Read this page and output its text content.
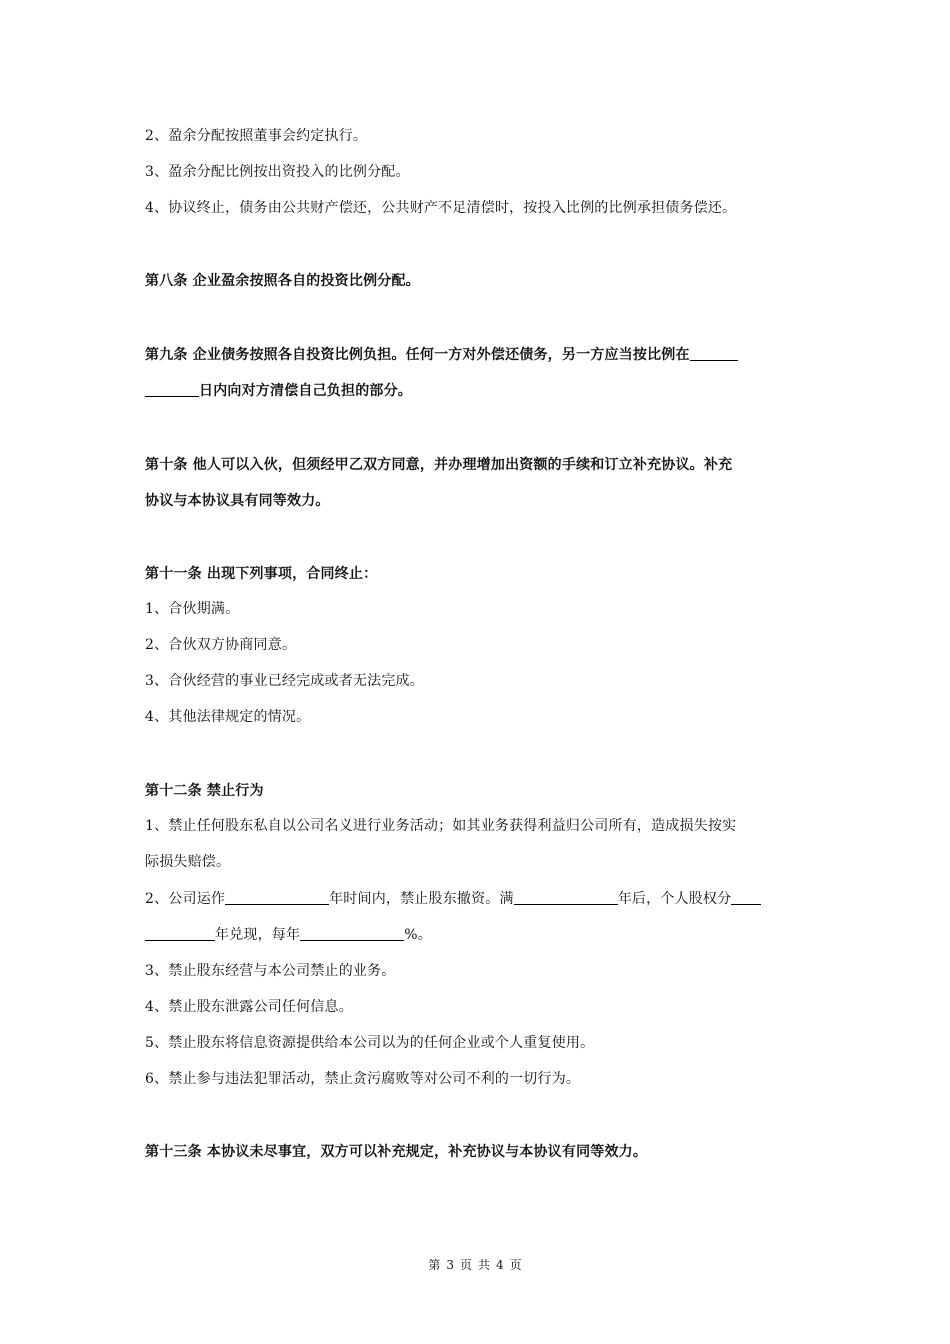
2、盈余分配按照董事会约定执行。
3、盈余分配比例按出资投入的比例分配。
4、协议终止，债务由公共财产偿还，公共财产不足清偿时，按投入比例的比例承担债务偿还。
第八条 企业盈余按照各自的投资比例分配。
第九条 企业债务按照各自投资比例负担。任何一方对外偿还债务，另一方应当按比例在
日内向对方清偿自己负担的部分。
第十条 他人可以入伙，但须经甲乙双方同意，并办理增加出资额的手续和订立补充协议。补充
协议与本协议具有同等效力。
第十一条 出现下列事项，合同终止：
1、合伙期满。
2、合伙双方协商同意。
3、合伙经营的事业已经完成或者无法完成。
4、其他法律规定的情况。
第十二条 禁止行为
1、禁止任何股东私自以公司名义进行业务活动；如其业务获得利益归公司所有，造成损失按实
际损失赔偿。
2、公司运作	年时间内，禁止股东撤资。满	年后，个人股权分
年兑现，每年	%。
3、禁止股东经营与本公司禁止的业务。
4、禁止股东泄露公司任何信息。
5、禁止股东将信息资源提供给本公司以为的任何企业或个人重复使用。
6、禁止参与违法犯罪活动，禁止贪污腐败等对公司不利的一切行为。
第十三条 本协议未尽事宜，双方可以补充规定，补充协议与本协议有同等效力。
第 3 页 共 4 页
